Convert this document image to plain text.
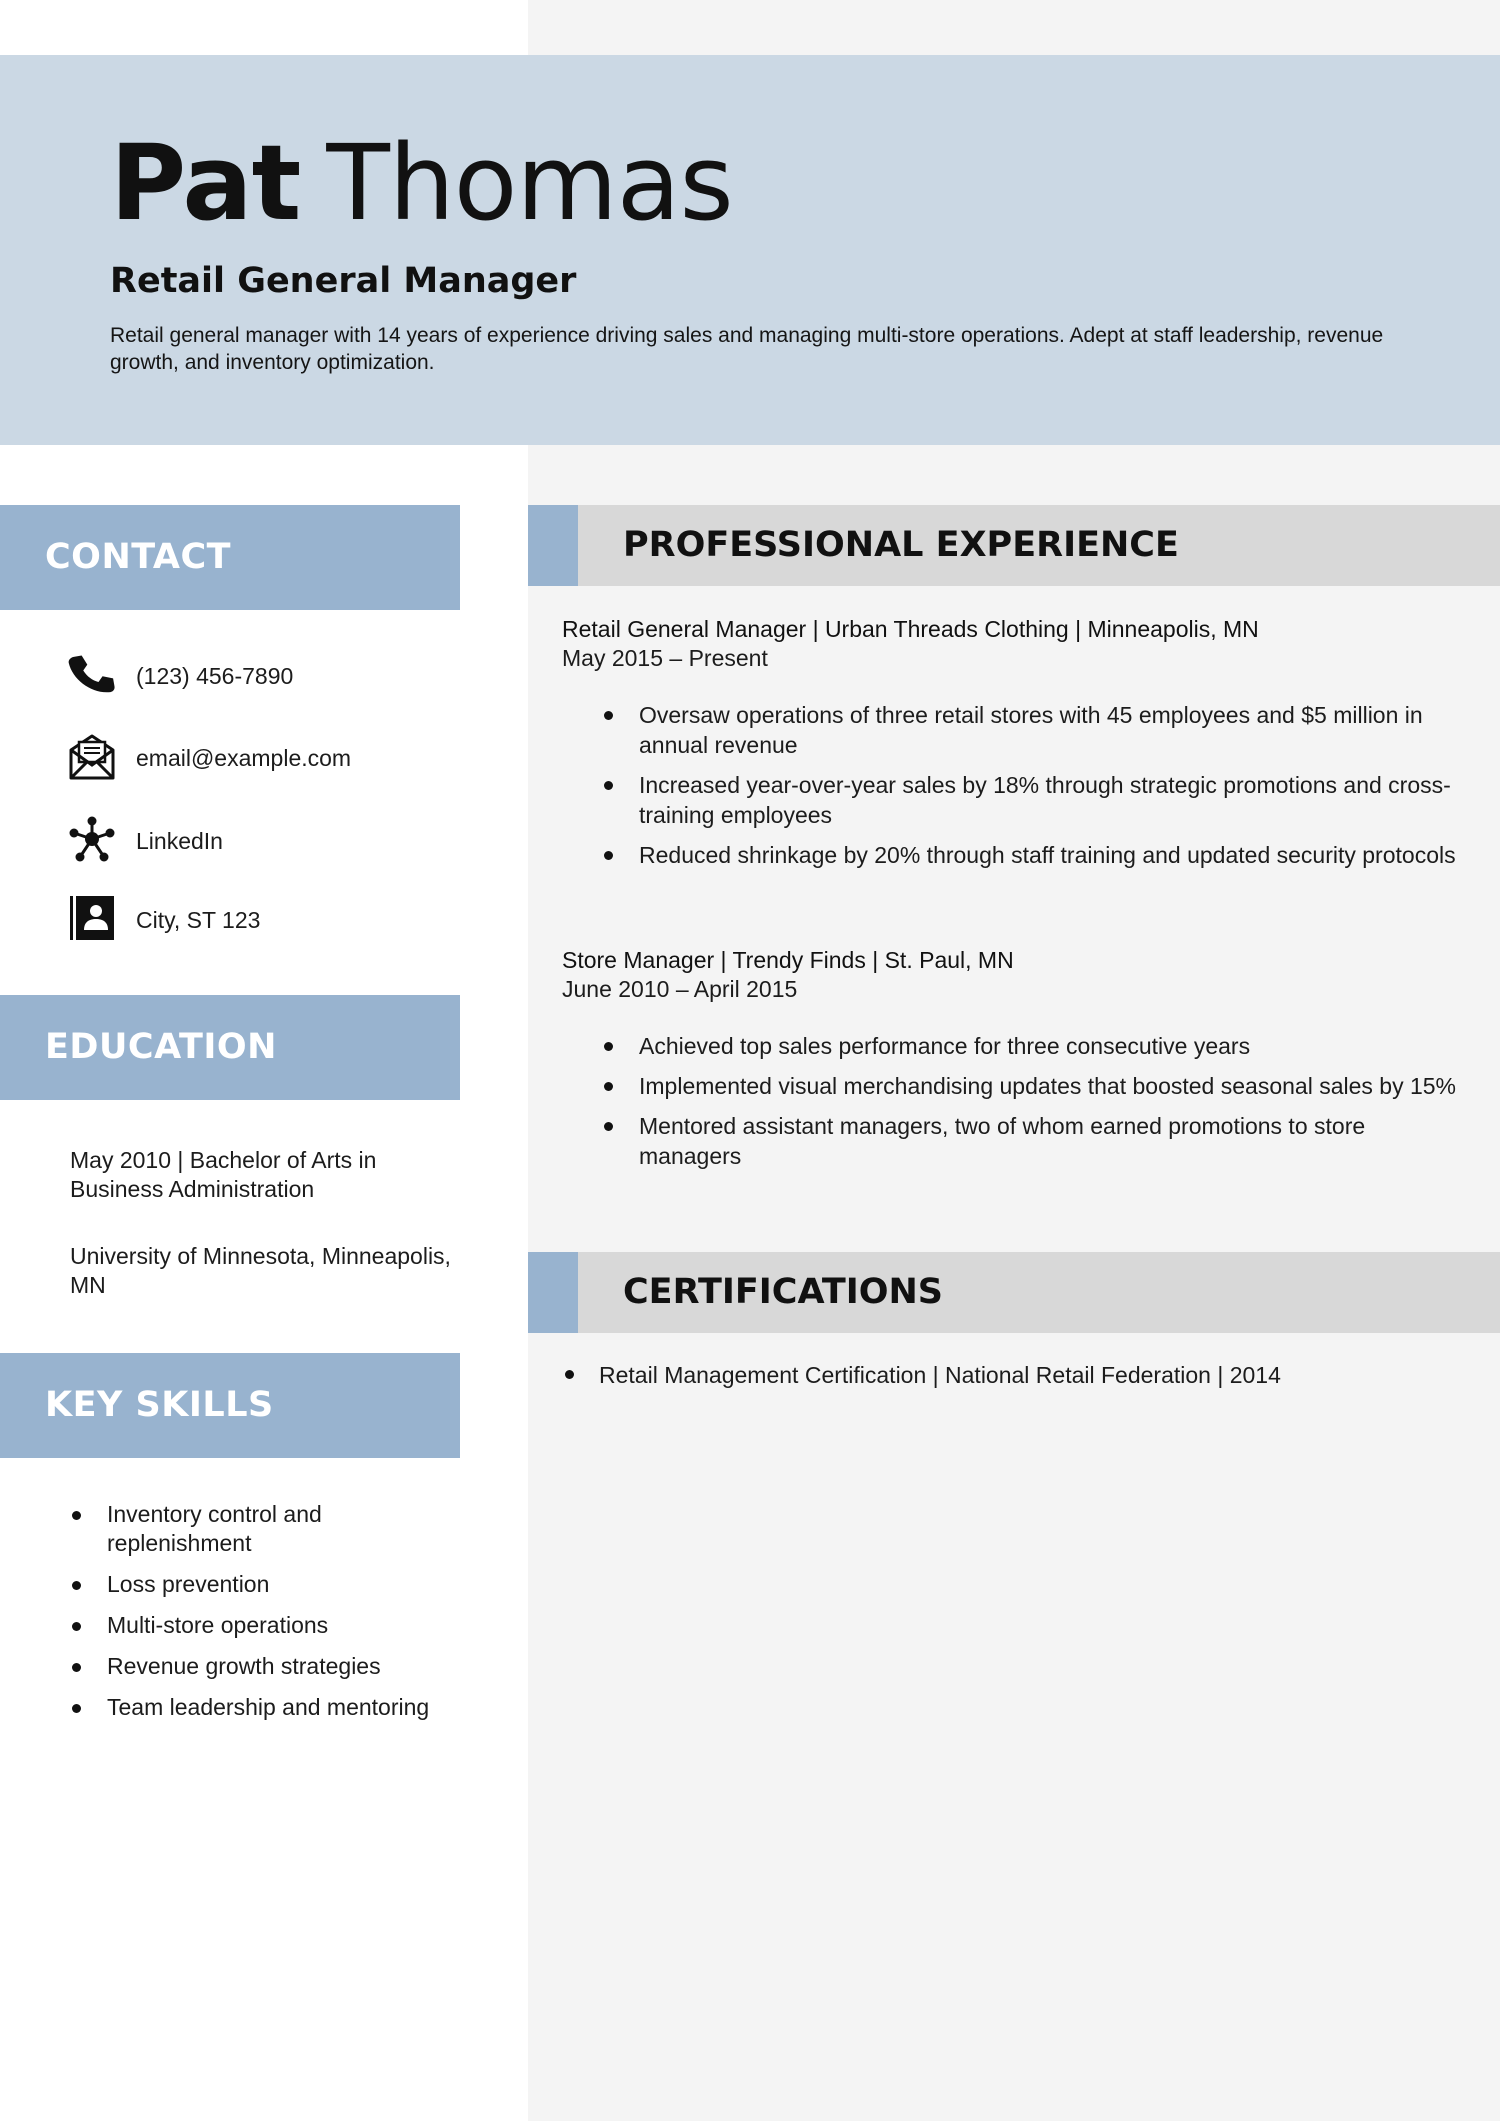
Pat Thomas
Retail General Manager

Retail general manager with 14 years of experience driving sales and managing multi-store operations. Adept at staff leadership, revenue growth, and inventory optimization.

CONTACT
(123) 456-7890
email@example.com
LinkedIn
City, ST 123
EDUCATION

May 2010 | Bachelor of Arts in Business Administration

University of Minnesota, Minneapolis, MN

KEY SKILLS
Inventory control and replenishment
Loss prevention
Multi-store operations
Revenue growth strategies
Team leadership and mentoring
PROFESSIONAL EXPERIENCE

Retail General Manager | Urban Threads Clothing | Minneapolis, MN

May 2015 – Present

Oversaw operations of three retail stores with 45 employees and $5 million in annual revenue
Increased year-over-year sales by 18% through strategic promotions and cross-training employees
Reduced shrinkage by 20% through staff training and updated security protocols

Store Manager | Trendy Finds | St. Paul, MN

June 2010 – April 2015

Achieved top sales performance for three consecutive years
Implemented visual merchandising updates that boosted seasonal sales by 15%
Mentored assistant managers, two of whom earned promotions to store managers
CERTIFICATIONS
Retail Management Certification | National Retail Federation | 2014
